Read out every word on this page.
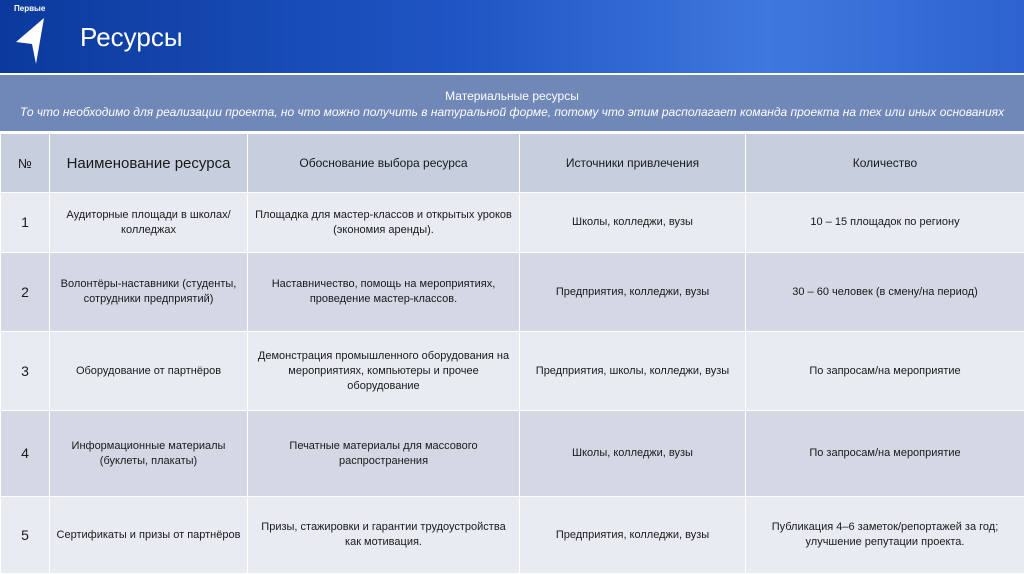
Первые
Ресурсы
Материальные ресурсы
То что необходимо для реализации проекта, но что можно получить в натуральной форме, потому что этим располагает команда проекта на тех или иных основаниях
№	Наименование ресурса	Обоснование выбора ресурса	Источники привлечения	Количество
1	Аудиторные площади в школах/колледжах	Площадка для мастер-классов и открытых уроков (экономия аренды).	Школы, колледжи, вузы	10 – 15 площадок по региону
2	Волонтёры-наставники (студенты, сотрудники предприятий)	Наставничество, помощь на мероприятиях, проведение мастер-классов.	Предприятия, колледжи, вузы	30 – 60 человек (в смену/на период)
3	Оборудование от партнёров	Демонстрация промышленного оборудования на мероприятиях, компьютеры и прочее оборудование	Предприятия, школы, колледжи, вузы	По запросам/на мероприятие
4	Информационные материалы (буклеты, плакаты)	Печатные материалы для массового распространения	Школы, колледжи, вузы	По запросам/на мероприятие
5	Сертификаты и призы от партнёров	Призы, стажировки и гарантии трудоустройства как мотивация.	Предприятия, колледжи, вузы	Публикация 4–6 заметок/репортажей за год; улучшение репутации проекта.
